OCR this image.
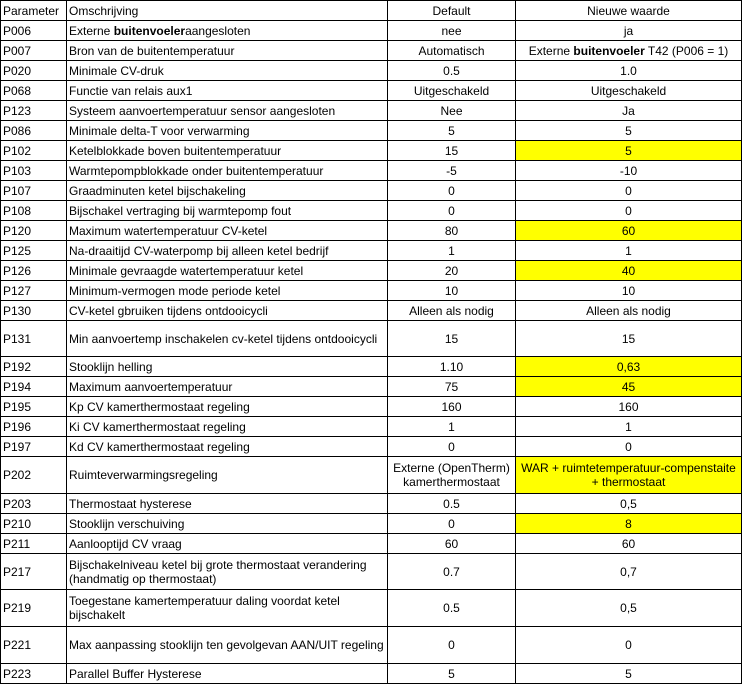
Parameter	Omschrijving	Default	Nieuwe waarde
P006	Externe buitenvoeleraangesloten	nee	ja
P007	Bron van de buitentemperatuur	Automatisch	Externe buitenvoeler T42 (P006 = 1)
P020	Minimale CV-druk	0.5	1.0
P068	Functie van relais aux1	Uitgeschakeld	Uitgeschakeld
P123	Systeem aanvoertemperatuur sensor aangesloten	Nee	Ja
P086	Minimale delta-T voor verwarming	5	5
P102	Ketelblokkade boven buitentemperatuur	15	5
P103	Warmtepompblokkade onder buitentemperatuur	-5	-10
P107	Graadminuten ketel bijschakeling	0	0
P108	Bijschakel vertraging bij warmtepomp fout	0	0
P120	Maximum watertemperatuur CV-ketel	80	60
P125	Na-draaitijd CV-waterpomp bij alleen ketel bedrijf	1	1
P126	Minimale gevraagde watertemperatuur ketel	20	40
P127	Minimum-vermogen mode periode ketel	10	10
P130	CV-ketel gbruiken tijdens ontdooicycli	Alleen als nodig	Alleen als nodig
P131	Min aanvoertemp inschakelen cv-ketel tijdens ontdooicycli	15	15
P192	Stooklijn helling	1.10	0,63
P194	Maximum aanvoertemperatuur	75	45
P195	Kp CV kamerthermostaat regeling	160	160
P196	Ki CV kamerthermostaat regeling	1	1
P197	Kd CV kamerthermostaat regeling	0	0
P202	Ruimteverwarmingsregeling	Externe (OpenTherm) kamerthermostaat	WAR + ruimtetemperatuur-compenstaite + thermostaat
P203	Thermostaat hysterese	0.5	0,5
P210	Stooklijn verschuiving	0	8
P211	Aanlooptijd CV vraag	60	60
P217	Bijschakelniveau ketel bij grote thermostaat verandering (handmatig op thermostaat)	0.7	0,7
P219	Toegestane kamertemperatuur daling voordat ketel bijschakelt	0.5	0,5
P221	Max aanpassing stooklijn ten gevolgevan AAN/UIT regeling	0	0
P223	Parallel Buffer Hysterese	5	5
